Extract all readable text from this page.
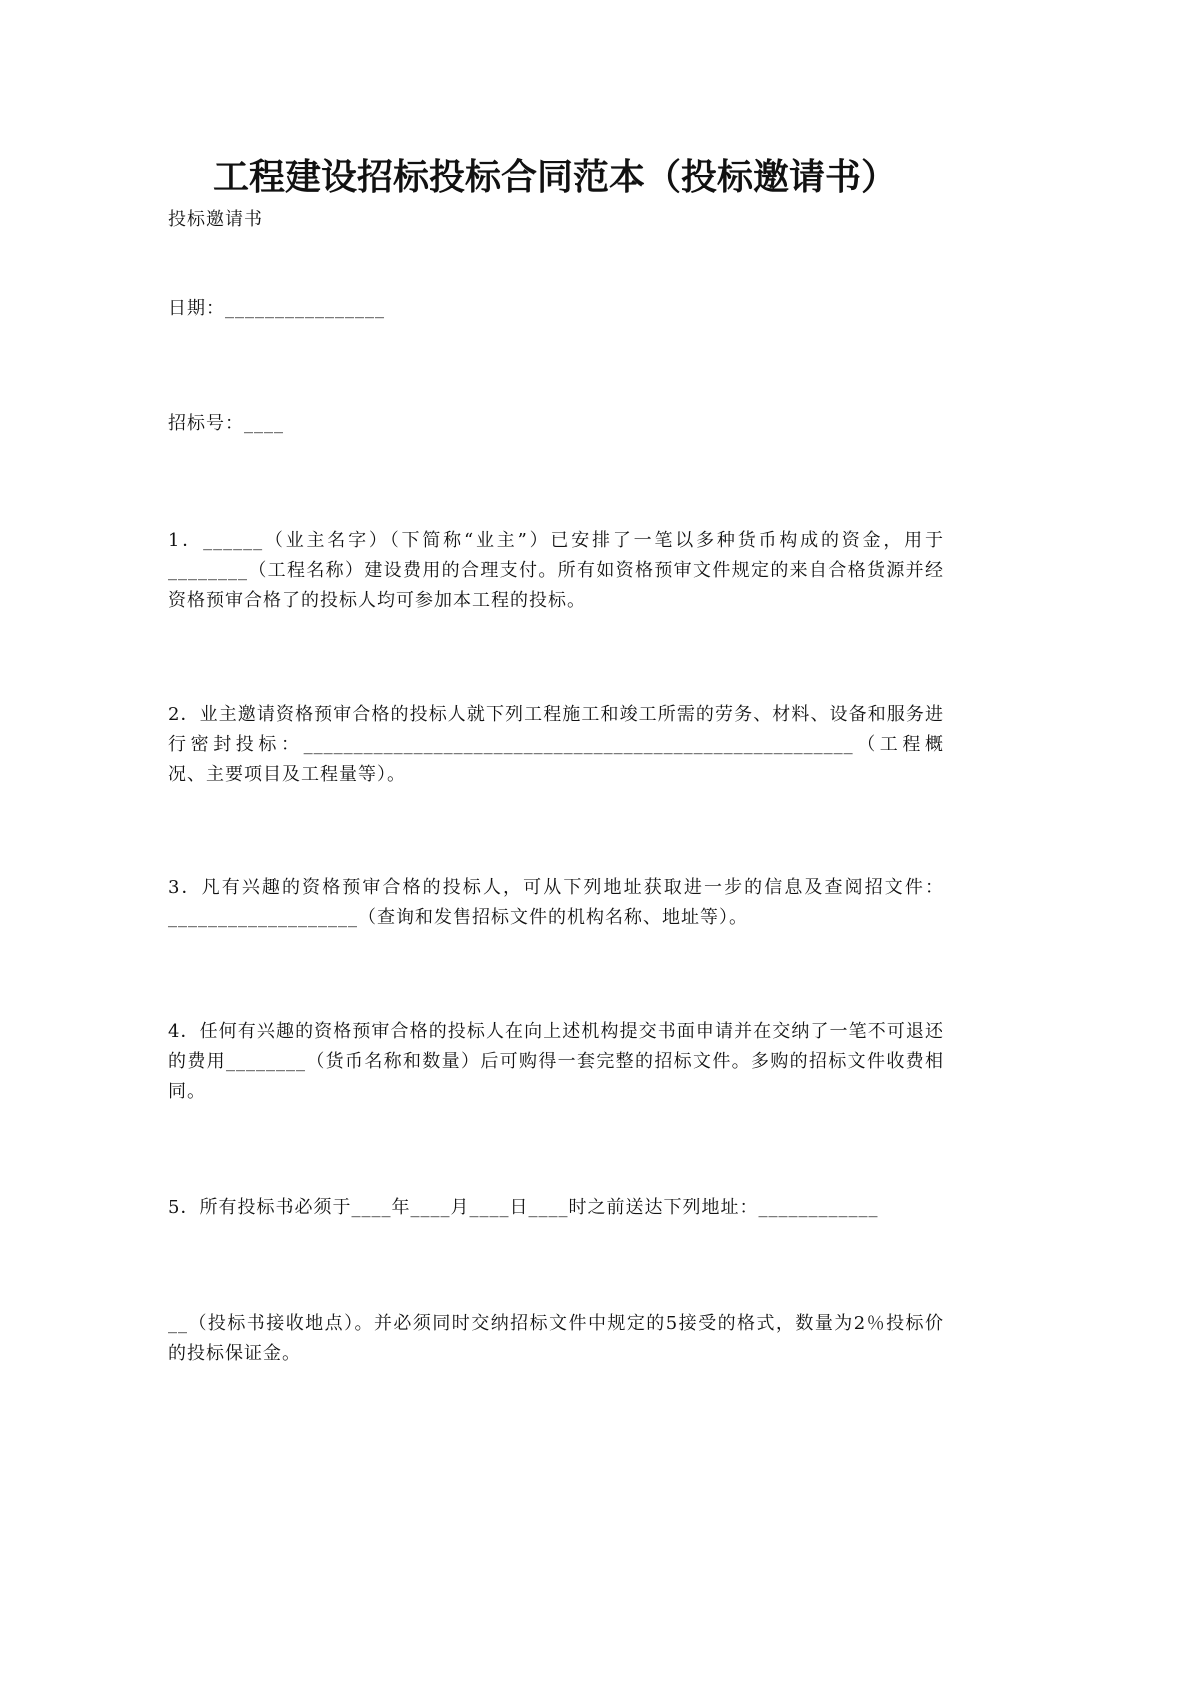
工程建设招标投标合同范本（投标邀请书）
投标邀请书
日期：________________
招标号：____
1．______（业主名字）（下简称“业主”）已安排了一笔以多种货币构成的资金，用于________（工程名称）建设费用的合理支付。所有如资格预审文件规定的来自合格货源并经资格预审合格了的投标人均可参加本工程的投标。
2．业主邀请资格预审合格的投标人就下列工程施工和竣工所需的劳务、材料、设备和服务进行密封投标：_______________________________________________________（工程概况、主要项目及工程量等）。
3．凡有兴趣的资格预审合格的投标人，可从下列地址获取进一步的信息及查阅招文件：___________________（查询和发售招标文件的机构名称、地址等）。
4．任何有兴趣的资格预审合格的投标人在向上述机构提交书面申请并在交纳了一笔不可退还的费用________（货币名称和数量）后可购得一套完整的招标文件。多购的招标文件收费相同。
5．所有投标书必须于____年____月____日____时之前送达下列地址：____________
__（投标书接收地点）。并必须同时交纳招标文件中规定的5接受的格式，数量为2％投标价的投标保证金。
